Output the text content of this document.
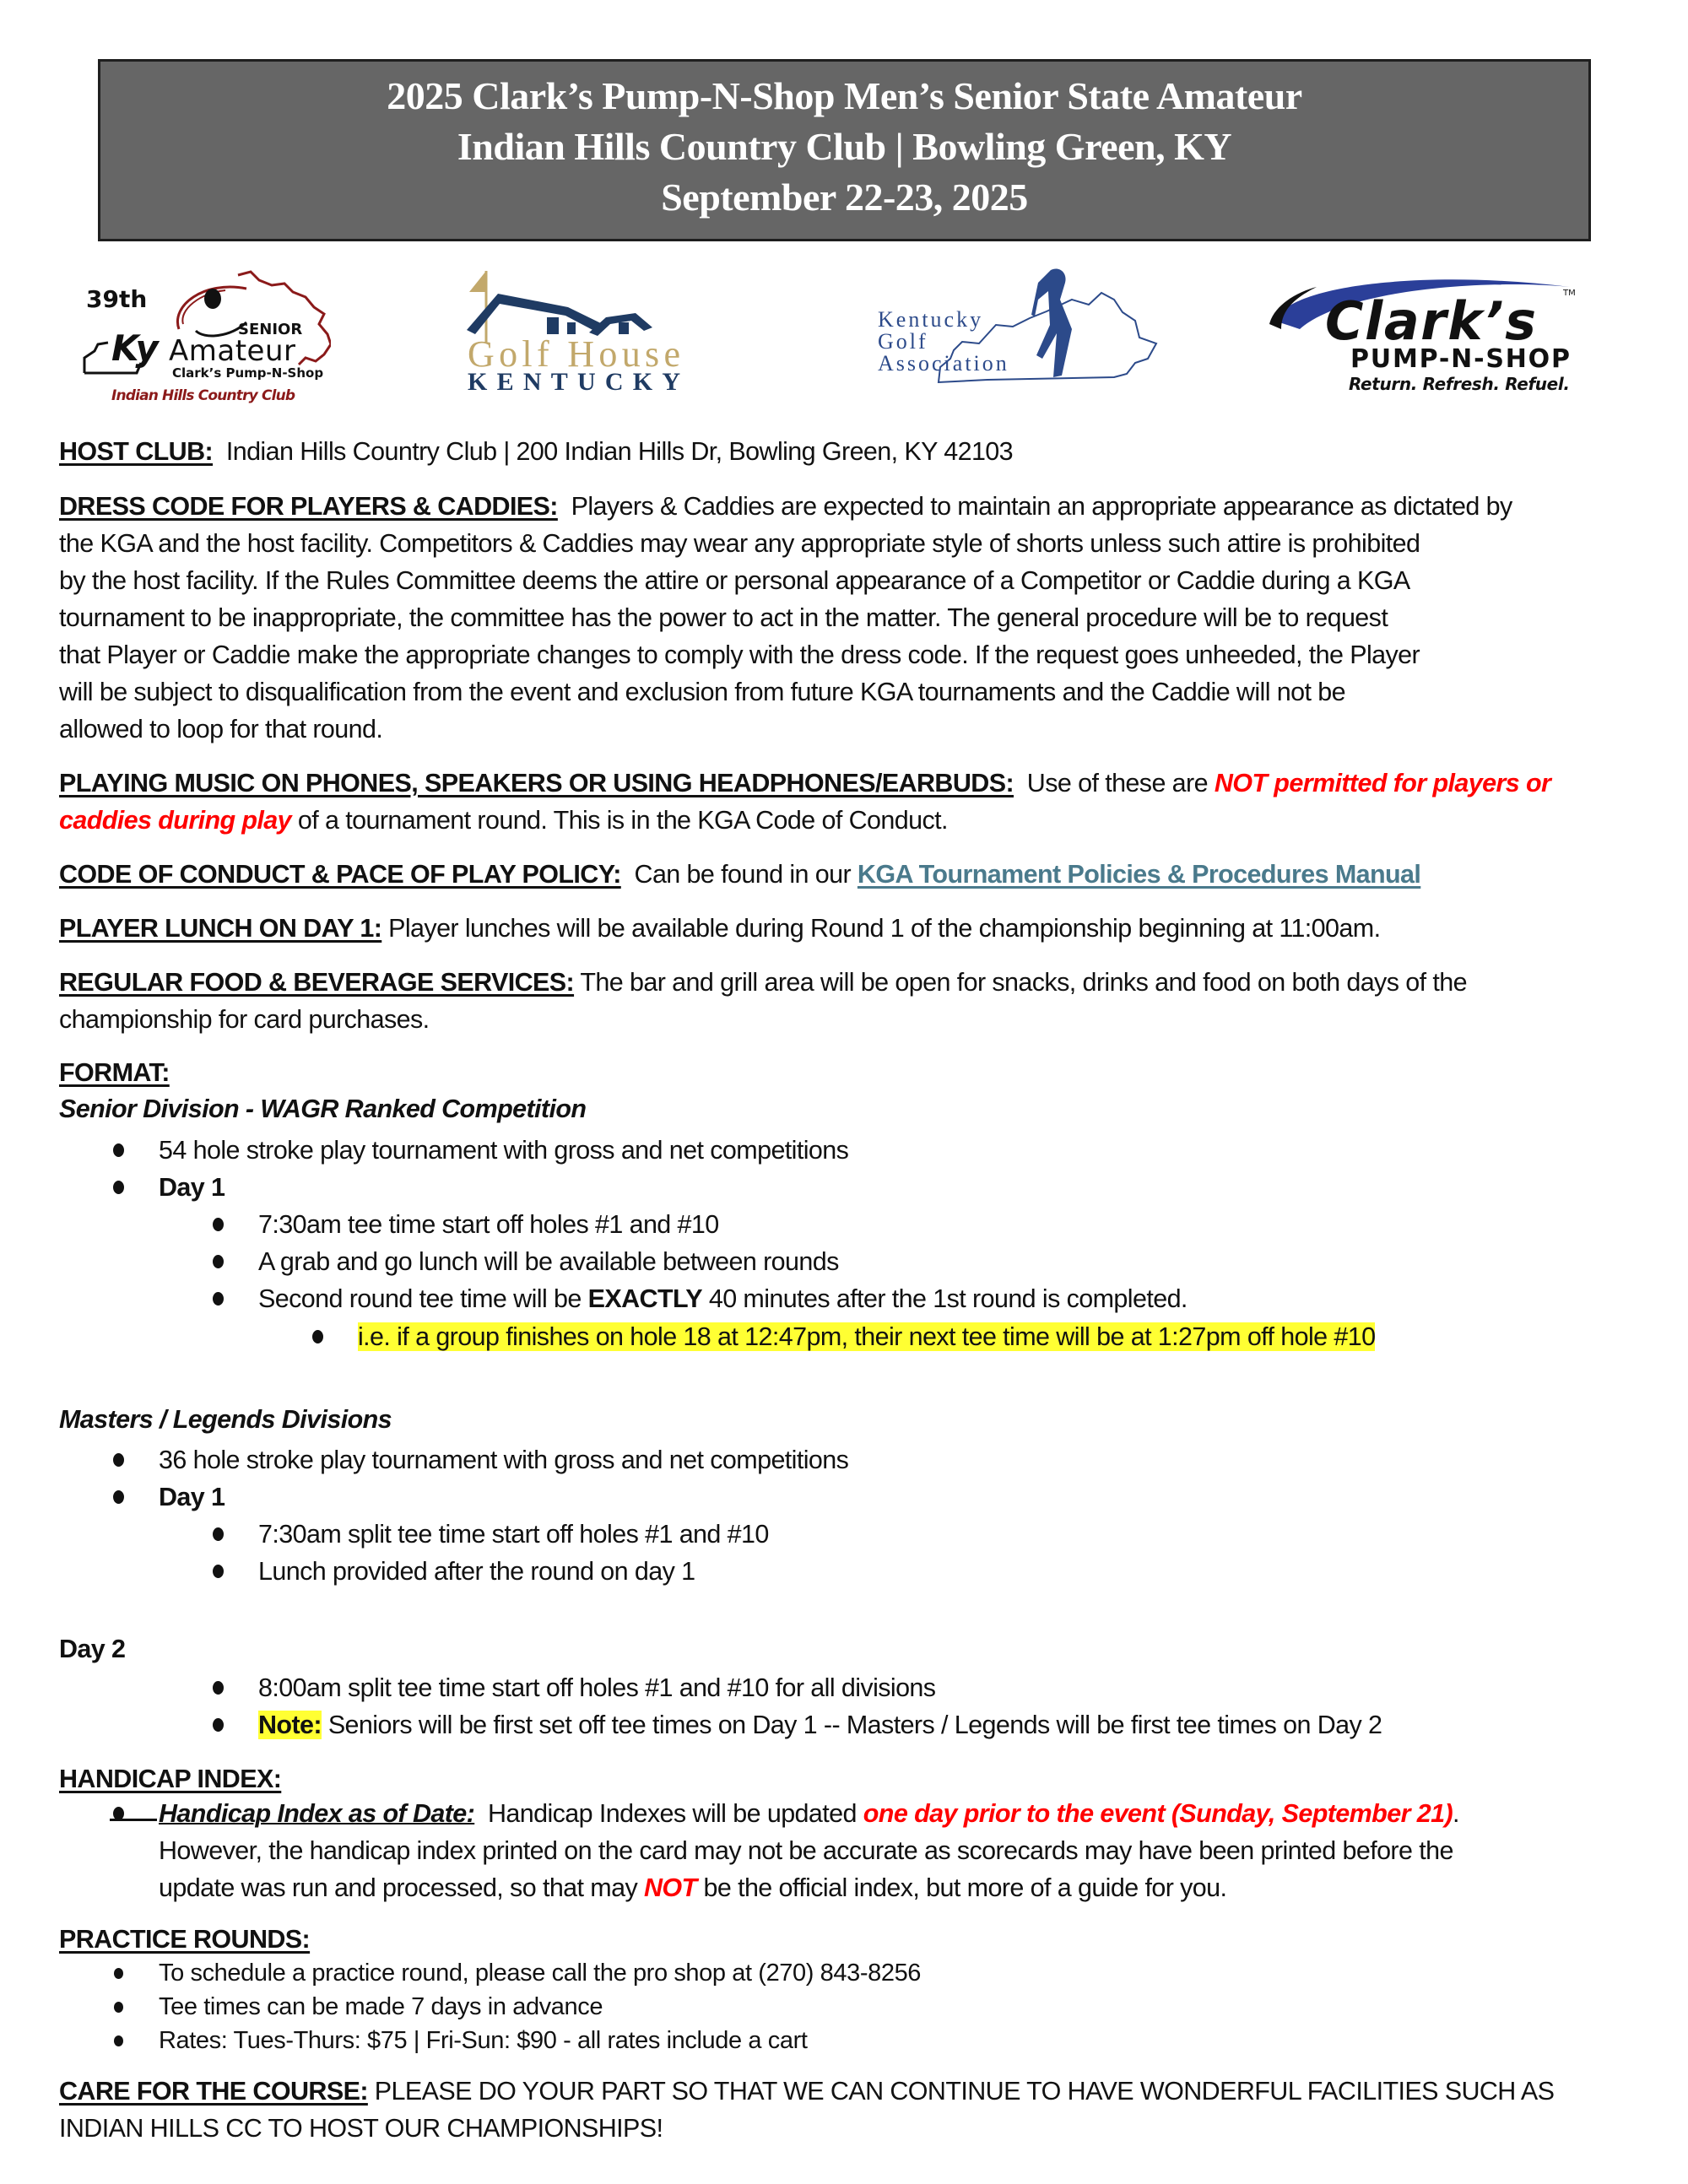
2025 Clark’s Pump-N-Shop Men’s Senior State Amateur
Indian Hills Country Club | Bowling Green, KY
September 22-23, 2025
39th
SENIOR
Ky Amateur
Clark’s Pump-N-Shop
Indian Hills Country Club
Golf House
KENTUCKY
Kentucky
Golf
Association
Clark’s	TM
PUMP-N-SHOP
Return. Refresh. Refuel.
HOST CLUB: Indian Hills Country Club | 200 Indian Hills Dr, Bowling Green, KY 42103
DRESS CODE FOR PLAYERS & CADDIES: Players & Caddies are expected to maintain an appropriate appearance as dictated by
the KGA and the host facility. Competitors & Caddies may wear any appropriate style of shorts unless such attire is prohibited
by the host facility. If the Rules Committee deems the attire or personal appearance of a Competitor or Caddie during a KGA
tournament to be inappropriate, the committee has the power to act in the matter. The general procedure will be to request
that Player or Caddie make the appropriate changes to comply with the dress code. If the request goes unheeded, the Player
will be subject to disqualification from the event and exclusion from future KGA tournaments and the Caddie will not be
allowed to loop for that round.
PLAYING MUSIC ON PHONES, SPEAKERS OR USING HEADPHONES/EARBUDS: Use of these are NOT permitted for players or
caddies during play of a tournament round. This is in the KGA Code of Conduct.
CODE OF CONDUCT & PACE OF PLAY POLICY: Can be found in our KGA Tournament Policies & Procedures Manual
PLAYER LUNCH ON DAY 1: Player lunches will be available during Round 1 of the championship beginning at 11:00am.
REGULAR FOOD & BEVERAGE SERVICES: The bar and grill area will be open for snacks, drinks and food on both days of the
championship for card purchases.
FORMAT:
Senior Division - WAGR Ranked Competition
54 hole stroke play tournament with gross and net competitions
Day 1
7:30am tee time start off holes #1 and #10
A grab and go lunch will be available between rounds
Second round tee time will be EXACTLY 40 minutes after the 1st round is completed.
i.e. if a group finishes on hole 18 at 12:47pm, their next tee time will be at 1:27pm off hole #10
Masters / Legends Divisions
36 hole stroke play tournament with gross and net competitions
Day 1
7:30am split tee time start off holes #1 and #10
Lunch provided after the round on day 1
Day 2
8:00am split tee time start off holes #1 and #10 for all divisions
Note: Seniors will be first set off tee times on Day 1 -- Masters / Legends will be first tee times on Day 2
HANDICAP INDEX:
Handicap Index as of Date: Handicap Indexes will be updated one day prior to the event (Sunday, September 21).
However, the handicap index printed on the card may not be accurate as scorecards may have been printed before the
update was run and processed, so that may NOT be the official index, but more of a guide for you.
PRACTICE ROUNDS:
To schedule a practice round, please call the pro shop at (270) 843-8256
Tee times can be made 7 days in advance
Rates: Tues-Thurs: $75 | Fri-Sun: $90 - all rates include a cart
CARE FOR THE COURSE: PLEASE DO YOUR PART SO THAT WE CAN CONTINUE TO HAVE WONDERFUL FACILITIES SUCH AS
INDIAN HILLS CC TO HOST OUR CHAMPIONSHIPS!
